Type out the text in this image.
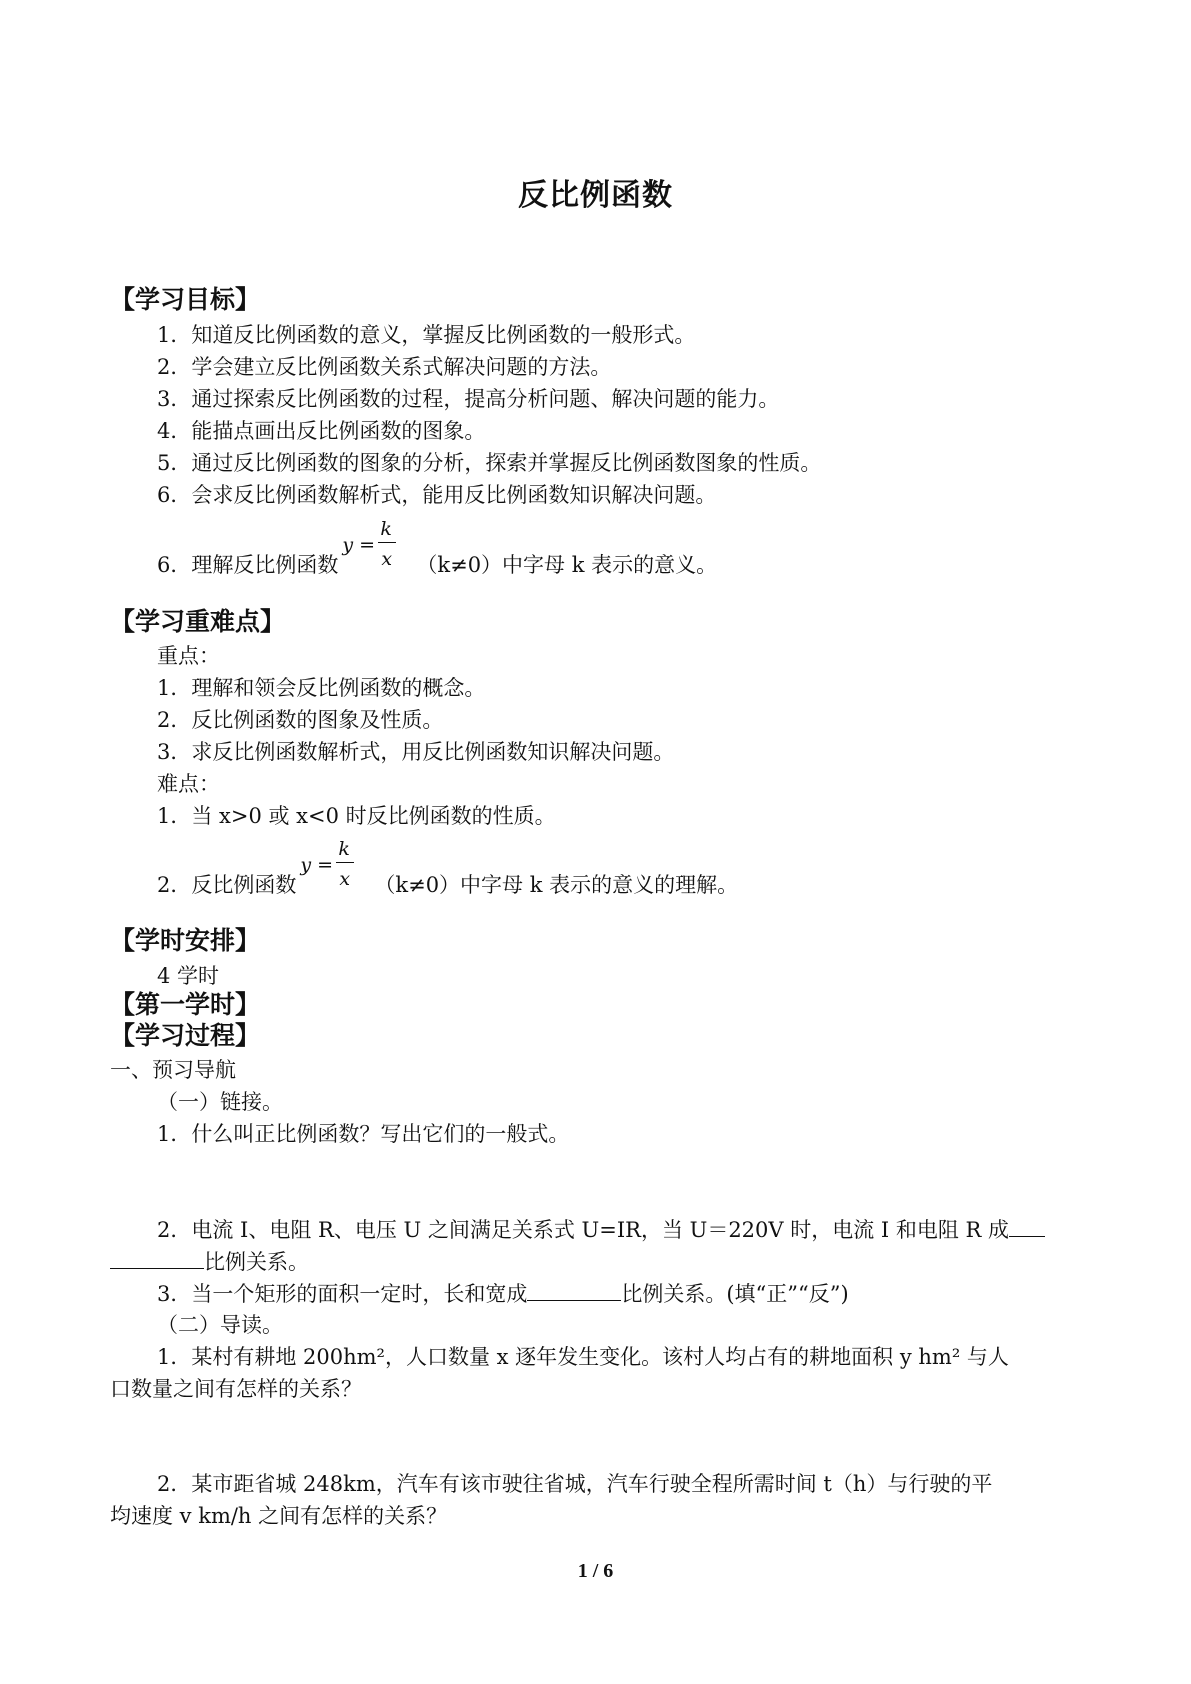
反比例函数
【学习目标】
1．知道反比例函数的意义，掌握反比例函数的一般形式。
2．学会建立反比例函数关系式解决问题的方法。
3．通过探索反比例函数的过程，提高分析问题、解决问题的能力。
4．能描点画出反比例函数的图象。
5．通过反比例函数的图象的分析，探索并掌握反比例函数图象的性质。
6．会求反比例函数解析式，能用反比例函数知识解决问题。
6．理解反比例函数
y =
k
x （k≠0）中字母 k 表示的意义。
【学习重难点】
重点：
1．理解和领会反比例函数的概念。
2．反比例函数的图象及性质。
3．求反比例函数解析式，用反比例函数知识解决问题。
难点：
1．当 x>0 或 x<0 时反比例函数的性质。
2．反比例函数
y =
k
x （k≠0）中字母 k 表示的意义的理解。
【学时安排】
4 学时
【第一学时】
【学习过程】
一、预习导航
（一）链接。
1．什么叫正比例函数？写出它们的一般式。
2．电流 I、电阻 R、电压 U 之间满足关系式 U=IR，当 U＝220V 时，电流 I 和电阻 R 成
比例关系。
3．当一个矩形的面积一定时，长和宽成	比例关系。(填“正”“反”)
（二）导读。
1．某村有耕地 200hm²，人口数量 x 逐年发生变化。该村人均占有的耕地面积 y hm² 与人
口数量之间有怎样的关系？
2．某市距省城 248km，汽车有该市驶往省城，汽车行驶全程所需时间 t（h）与行驶的平
均速度 v km/h 之间有怎样的关系？
1 / 6
